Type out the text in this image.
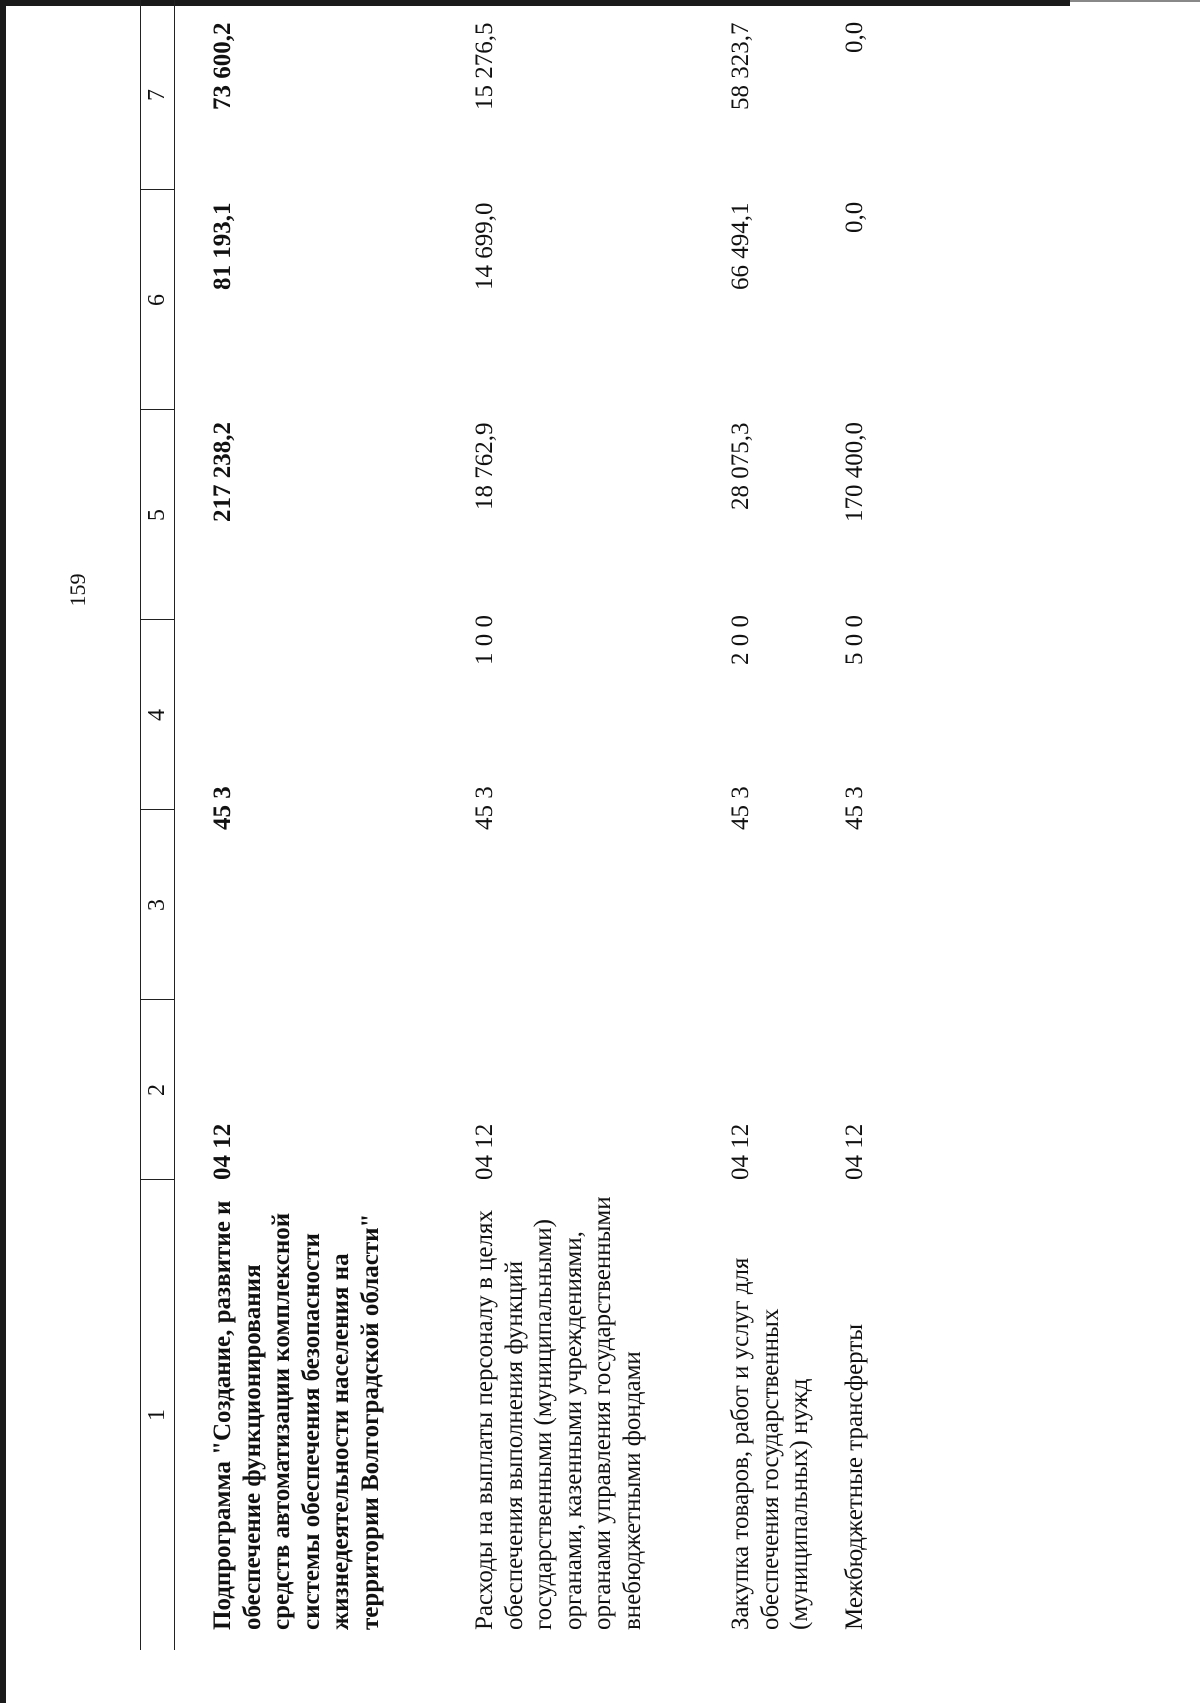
159
1
2
3
4
5
6
7
Подпрограмма "Создание, развитие и обеспечение функционирования средств автоматизации комплексной системы обеспечения безопасности жизнедеятельности населения на территории Волгоградской области"
04 12
45 3
217 238,2
81 193,1
73 600,2
Расходы на выплаты персоналу в целях обеспечения выполнения функций государственными (муниципальными) органами, казенными учреждениями, органами управления государственными внебюджетными фондами
04 12
45 3
1 0 0
18 762,9
14 699,0
15 276,5
Закупка товаров, работ и услуг для обеспечения государственных (муниципальных) нужд
04 12
45 3
2 0 0
28 075,3
66 494,1
58 323,7
Межбюджетные трансферты
04 12
45 3
5 0 0
170 400,0
0,0
0,0
